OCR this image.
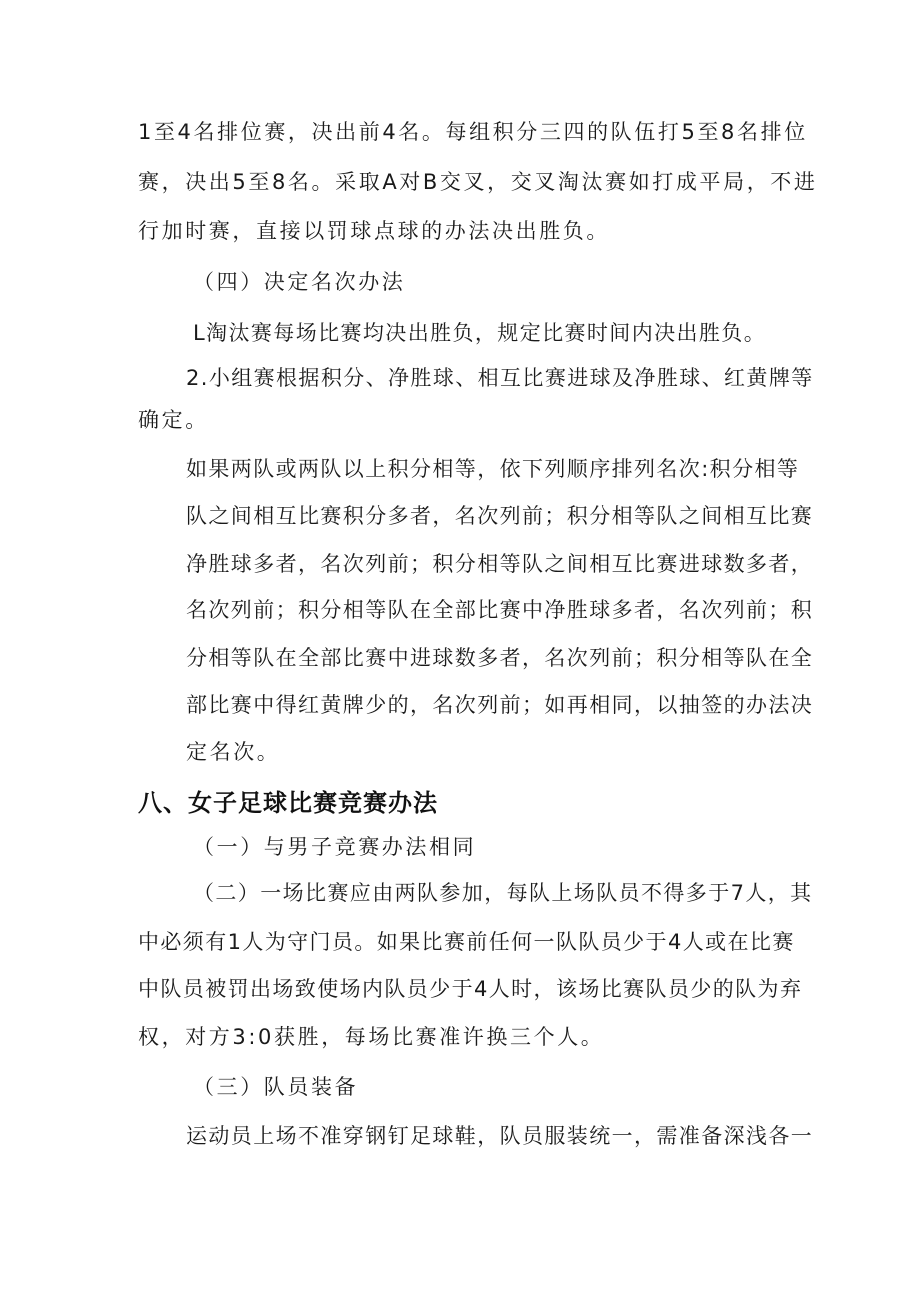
1至4名排位赛，决出前4名。每组积分三四的队伍打5至8名排位
赛，决出5至8名。采取A对B交叉，交叉淘汰赛如打成平局，不进
行加时赛，直接以罚球点球的办法决出胜负。
（四）决定名次办法
L淘汰赛每场比赛均决出胜负，规定比赛时间内决出胜负。
2.小组赛根据积分、净胜球、相互比赛进球及净胜球、红黄牌等
确定。
如果两队或两队以上积分相等，依下列顺序排列名次:积分相等
队之间相互比赛积分多者，名次列前；积分相等队之间相互比赛
净胜球多者，名次列前；积分相等队之间相互比赛进球数多者，
名次列前；积分相等队在全部比赛中净胜球多者，名次列前；积
分相等队在全部比赛中进球数多者，名次列前；积分相等队在全
部比赛中得红黄牌少的，名次列前；如再相同，以抽签的办法决
定名次。
八、女子足球比赛竞赛办法
（一）与男子竞赛办法相同
（二）一场比赛应由两队参加，每队上场队员不得多于7人，其
中必须有1人为守门员。如果比赛前任何一队队员少于4人或在比赛
中队员被罚出场致使场内队员少于4人时，该场比赛队员少的队为弃
权，对方3:0获胜，每场比赛准许换三个人。
（三）队员装备
运动员上场不准穿钢钉足球鞋，队员服装统一，需准备深浅各一
